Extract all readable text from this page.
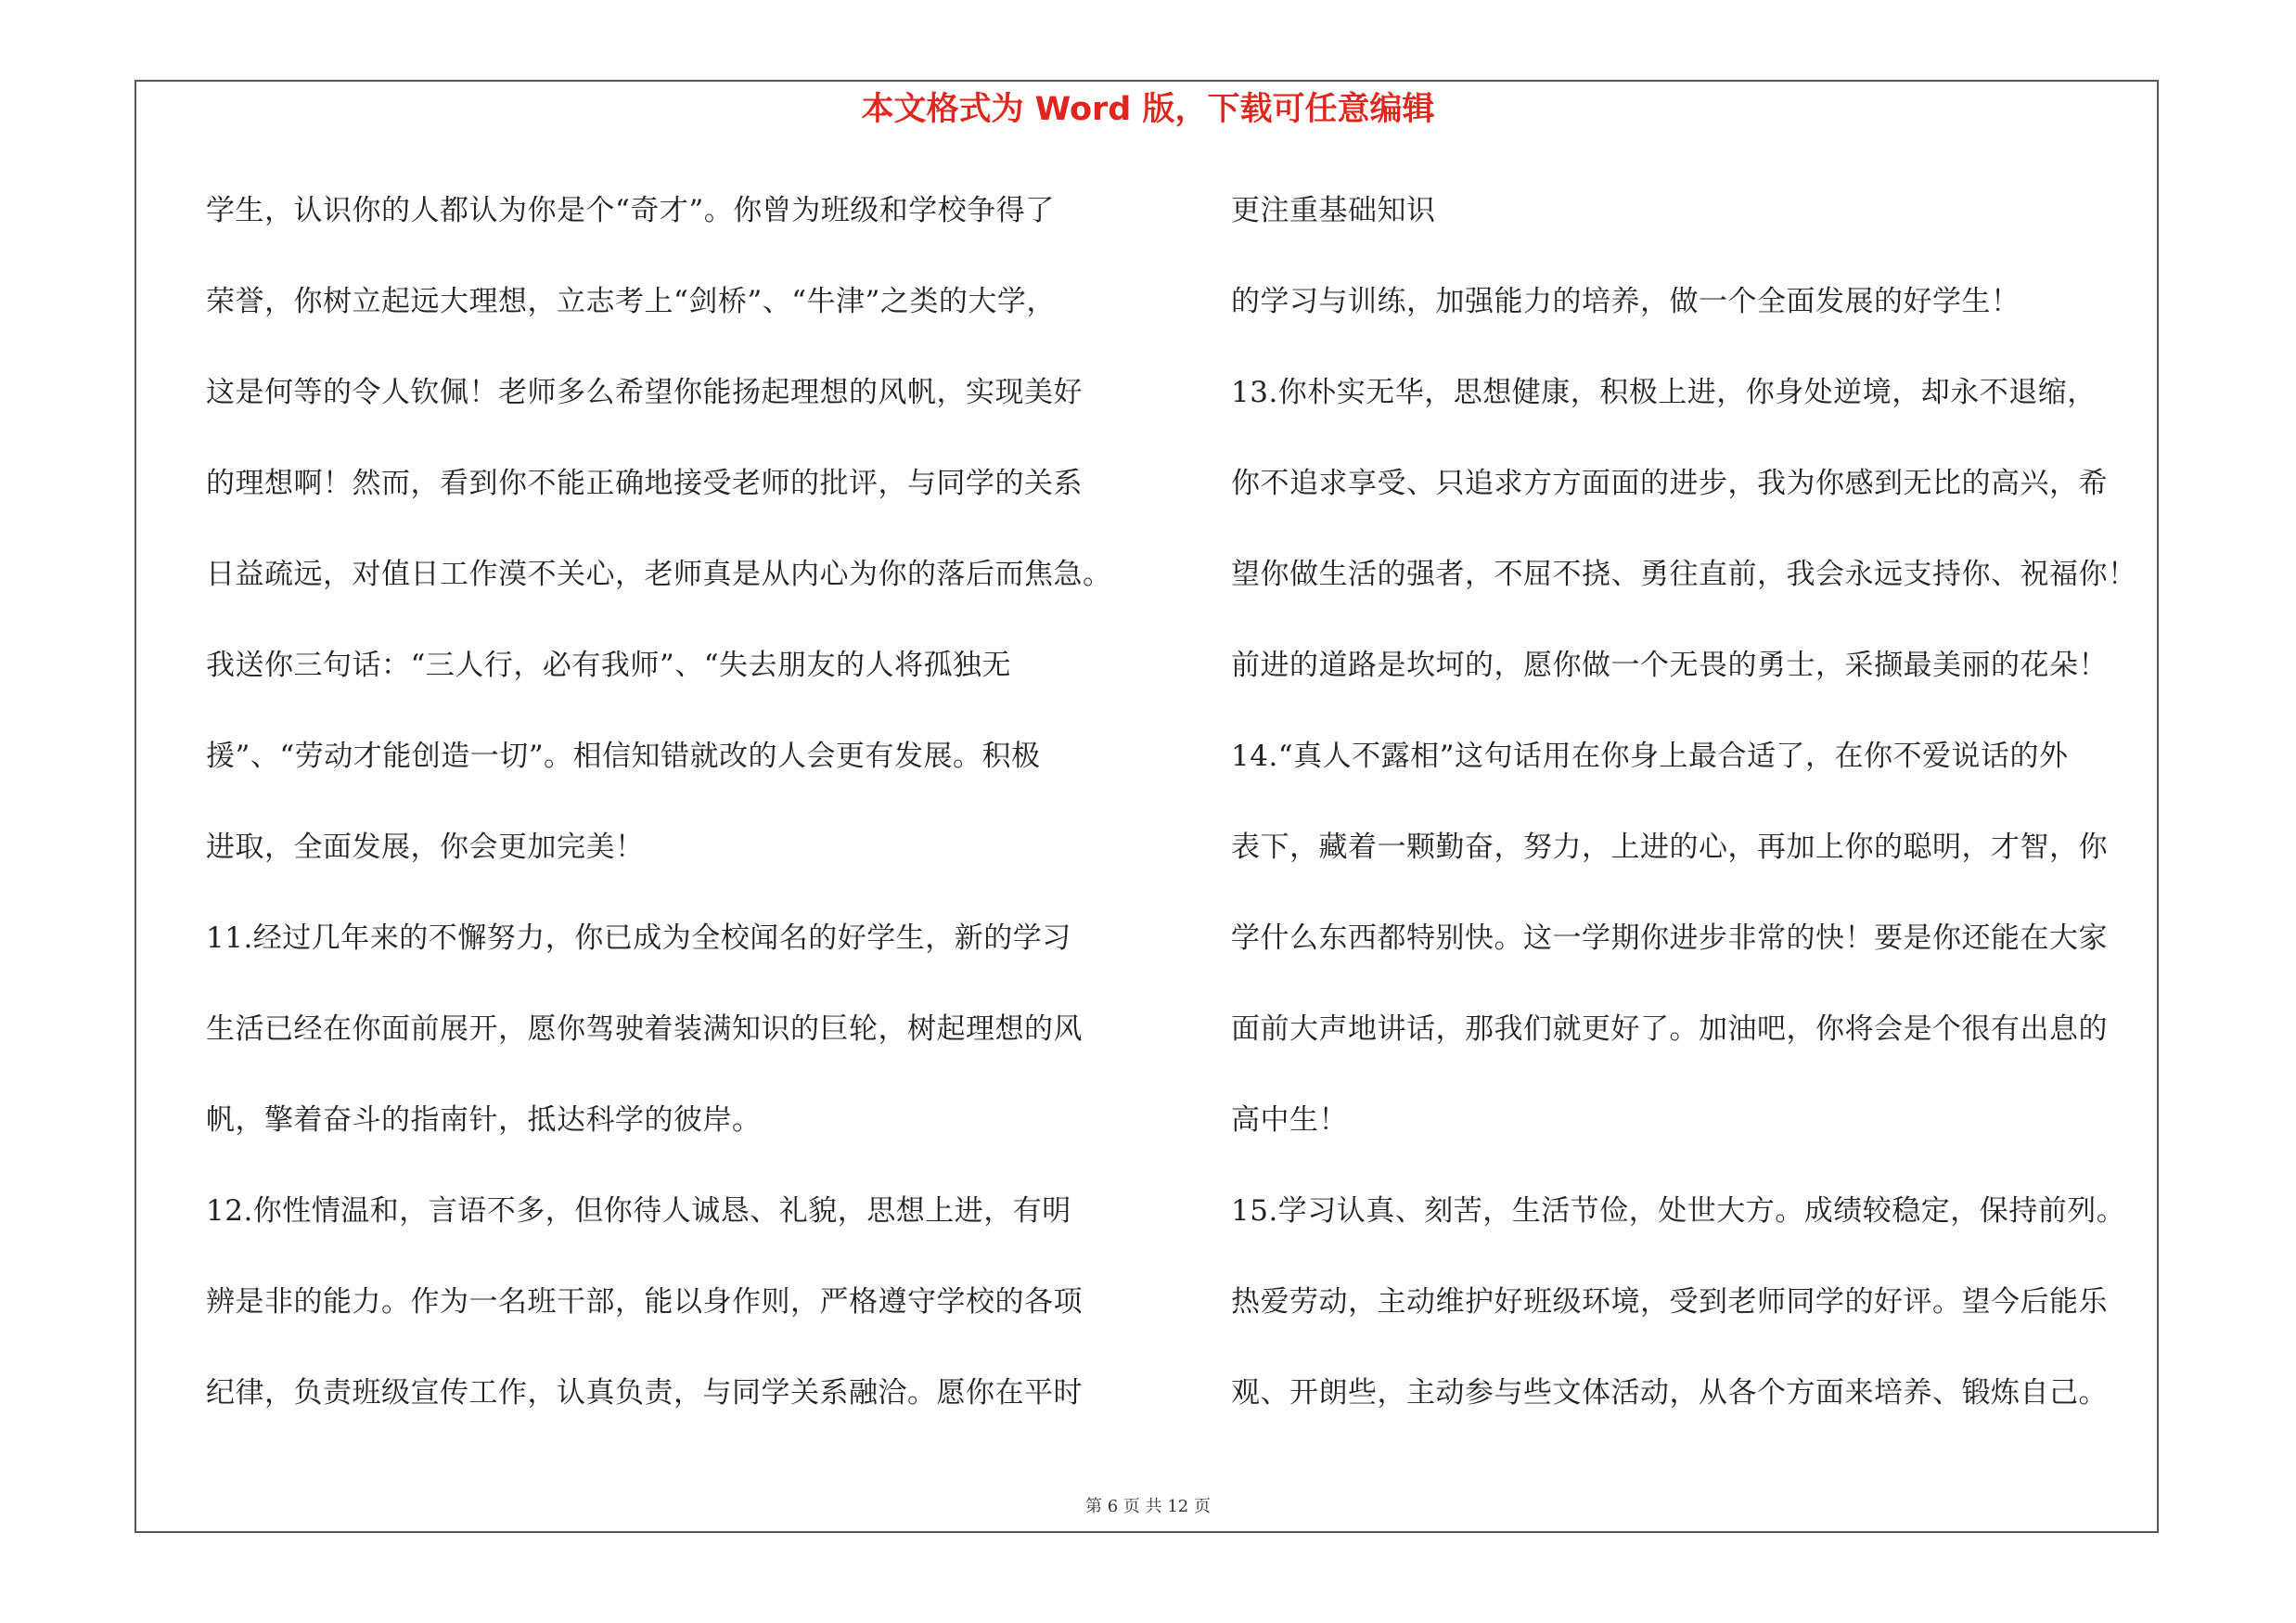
本文格式为 Word 版，下载可任意编辑
学生，认识你的人都认为你是个“奇才”。你曾为班级和学校争得了
荣誉，你树立起远大理想，立志考上“剑桥”、“牛津”之类的大学，
这是何等的令人钦佩！老师多么希望你能扬起理想的风帆，实现美好
的理想啊！然而，看到你不能正确地接受老师的批评，与同学的关系
日益疏远，对值日工作漠不关心，老师真是从内心为你的落后而焦急。
我送你三句话：“三人行，必有我师”、“失去朋友的人将孤独无
援”、“劳动才能创造一切”。相信知错就改的人会更有发展。积极
进取，全面发展，你会更加完美！
11.经过几年来的不懈努力，你已成为全校闻名的好学生，新的学习
生活已经在你面前展开，愿你驾驶着装满知识的巨轮，树起理想的风
帆，擎着奋斗的指南针，抵达科学的彼岸。
12.你性情温和，言语不多，但你待人诚恳、礼貌，思想上进，有明
辨是非的能力。作为一名班干部，能以身作则，严格遵守学校的各项
纪律，负责班级宣传工作，认真负责，与同学关系融洽。愿你在平时
更注重基础知识
的学习与训练，加强能力的培养，做一个全面发展的好学生！
13.你朴实无华，思想健康，积极上进，你身处逆境，却永不退缩，
你不追求享受、只追求方方面面的进步，我为你感到无比的高兴，希
望你做生活的强者，不屈不挠、勇往直前，我会永远支持你、祝福你！
前进的道路是坎坷的，愿你做一个无畏的勇士，采撷最美丽的花朵！
14.“真人不露相”这句话用在你身上最合适了，在你不爱说话的外
表下，藏着一颗勤奋，努力，上进的心，再加上你的聪明，才智，你
学什么东西都特别快。这一学期你进步非常的快！要是你还能在大家
面前大声地讲话，那我们就更好了。加油吧，你将会是个很有出息的
高中生！
15.学习认真、刻苦，生活节俭，处世大方。成绩较稳定，保持前列。
热爱劳动，主动维护好班级环境，受到老师同学的好评。望今后能乐
观、开朗些，主动参与些文体活动，从各个方面来培养、锻炼自己。
第 6 页 共 12 页
